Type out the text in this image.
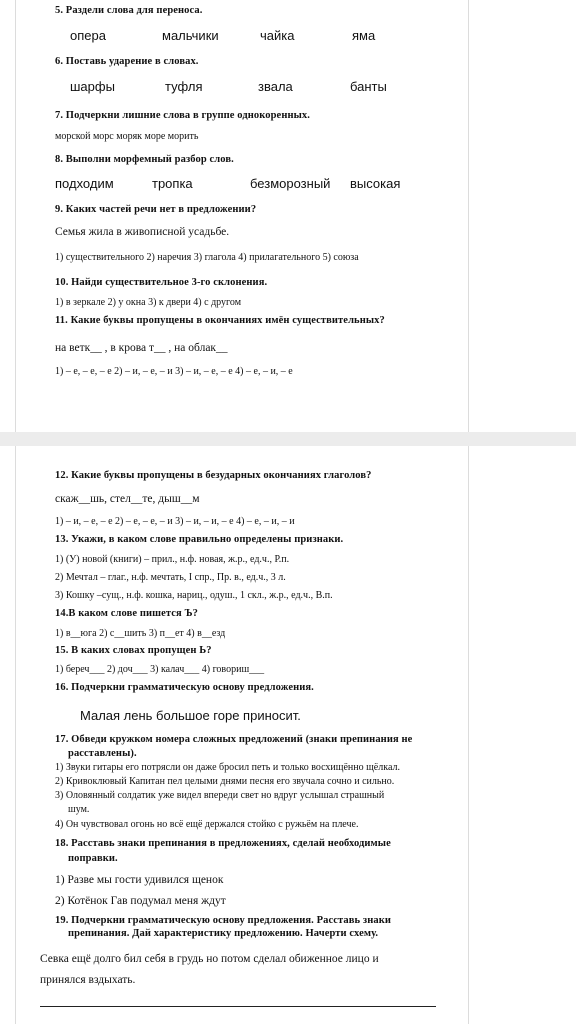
5. Раздели слова для переноса.
опера	мальчики	чайка	яма
6. Поставь ударение в словах.
шарфы	туфля	звала	банты
7. Подчеркни лишние слова в группе однокоренных.
морской морс моряк море морить
8. Выполни морфемный разбор слов.
подходим	тропка	безморозный высокая
9. Каких частей речи нет в предложении?
Семья жила в живописной усадьбе.
1) существительного 2) наречия 3) глагола 4) прилагательного 5) союза
10. Найди существительное 3-го склонения.
1) в зеркале 2) у окна 3) к двери 4) с другом
11. Какие буквы пропущены в окончаниях имён существительных?
на ветк__ , в крова т__ , на облак__
1) – е, – е, – е 2) – и, – е, – и 3) – и, – е, – е 4) – е, – и, – е
12. Какие буквы пропущены в безударных окончаниях глаголов?
скаж__шь, стел__те, дыш__м
1) – и, – е, – е 2) – е, – е, – и 3) – и, – и, – е 4) – е, – и, – и
13. Укажи, в каком слове правильно определены признаки.
1) (У) новой (книги) – прил., н.ф. новая, ж.р., ед.ч., Р.п.
2) Мечтал – глаг., н.ф. мечтать, I спр., Пр. в., ед.ч., 3 л.
3) Кошку –сущ., н.ф. кошка, нариц., одуш., 1 скл., ж.р., ед.ч., В.п.
14.В каком слове пишется Ъ?
1) в__юга 2) с__шить 3) п__ет 4) в__езд
15. В каких словах пропущен Ь?
1) береч___ 2) доч___ 3) калач___ 4) говориш___
16. Подчеркни грамматическую основу предложения.
Малая лень большое горе приносит.
17. Обведи кружком номера сложных предложений (знаки препинания не
расставлены).
1) Звуки гитары его потрясли он даже бросил петь и только восхищённо щёлкал.
2) Кривоклювый Капитан пел целыми днями песня его звучала сочно и сильно.
3) Оловянный солдатик уже видел впереди свет но вдруг услышал страшный
шум.
4) Он чувствовал огонь но всё ещё держался стойко с ружьём на плече.
18. Расставь знаки препинания в предложениях, сделай необходимые
поправки.
1) Разве мы гости удивился щенок
2) Котёнок Гав подумал меня ждут
19. Подчеркни грамматическую основу предложения. Расставь знаки
препинания. Дай характеристику предложению. Начерти схему.
Севка ещё долго бил себя в грудь но потом сделал обиженное лицо и
принялся вздыхать.
